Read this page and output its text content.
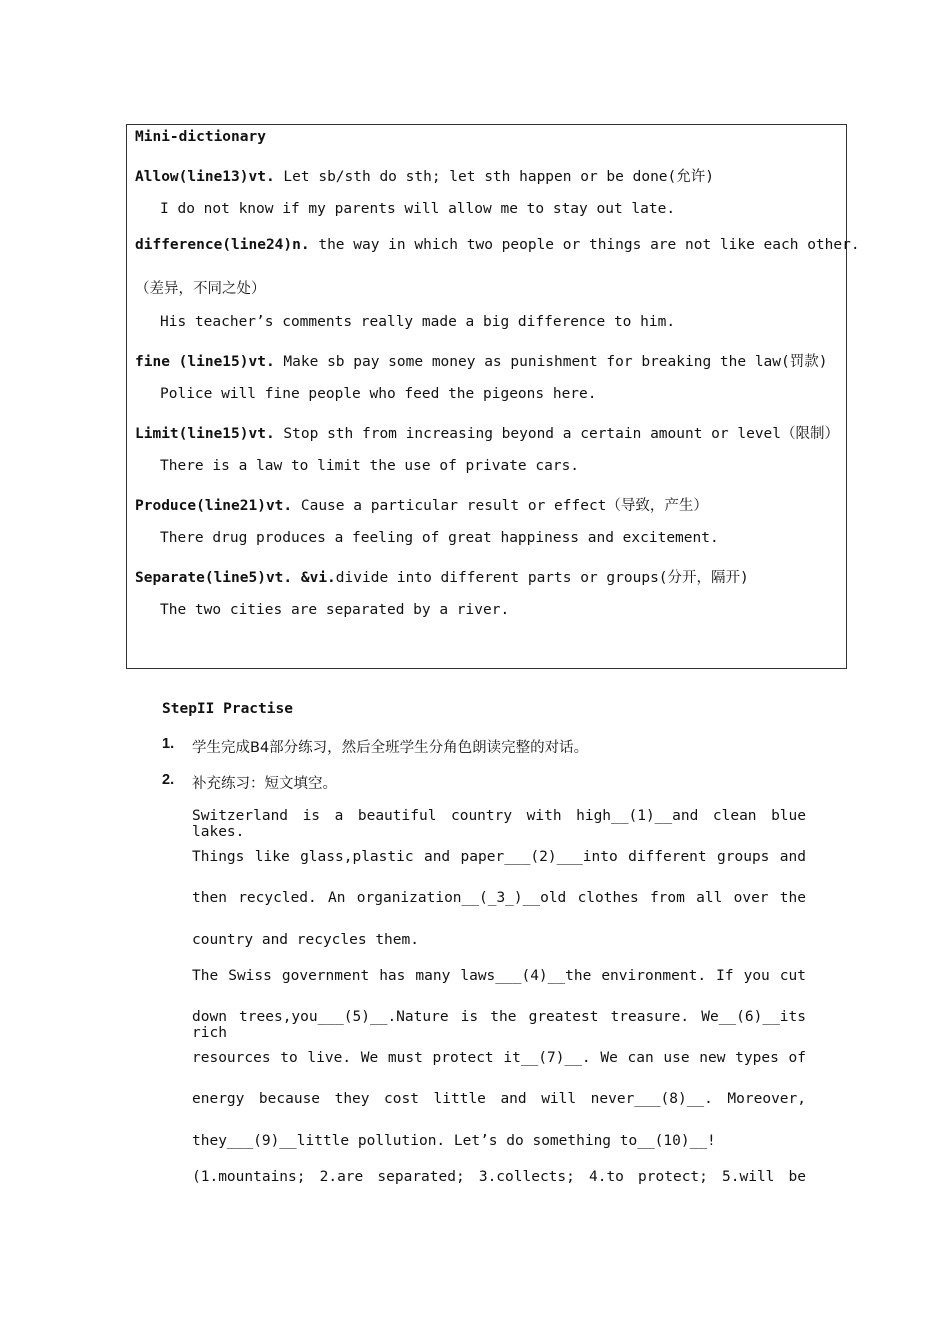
Mini-dictionary
Allow(line13)vt. Let sb/sth do sth; let sth happen or be done(允许)
I do not know if my parents will allow me to stay out late.
difference(line24)n. the way in which two people or things are not like each other.
（差异，不同之处）
His teacher’s comments really made a big difference to him.
fine (line15)vt. Make sb pay some money as punishment for breaking the law(罚款)
Police will fine people who feed the pigeons here.
Limit(line15)vt. Stop sth from increasing beyond a certain amount or level（限制）
There is a law to limit the use of private cars.
Produce(line21)vt. Cause a particular result or effect（导致，产生）
There drug produces a feeling of great happiness and excitement.
Separate(line5)vt. &vi.divide into different parts or groups(分开，隔开)
The two cities are separated by a river.
StepII Practise
1. 学生完成B4部分练习，然后全班学生分角色朗读完整的对话。
2. 补充练习：短文填空。
Switzerland is a beautiful country with high__(1)__and clean blue lakes.
Things like glass,plastic and paper___(2)___into different groups and
then recycled. An organization__(_3_)__old clothes from all over the
country and recycles them.
The Swiss government has many laws___(4)__the environment. If you cut
down trees,you___(5)__.Nature is the greatest treasure. We__(6)__its rich
resources to live. We must protect it__(7)__. We can use new types of
energy because they cost little and will never___(8)__. Moreover,
they___(9)__little pollution. Let’s do something to__(10)__!
(1.mountains; 2.are separated; 3.collects; 4.to protect; 5.will be
